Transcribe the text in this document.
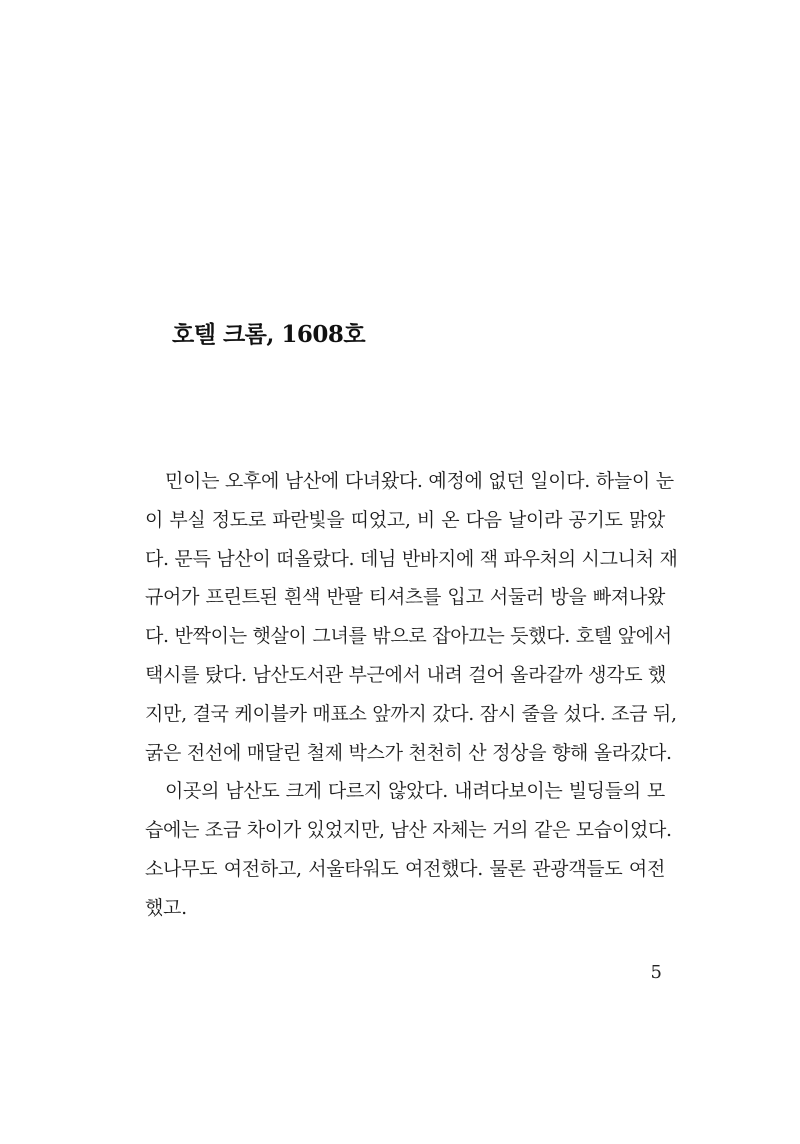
호텔 크롬, 1608호
민이는 오후에 남산에 다녀왔다. 예정에 없던 일이다. 하늘이 눈
이 부실 정도로 파란빛을 띠었고, 비 온 다음 날이라 공기도 맑았
다. 문득 남산이 떠올랐다. 데님 반바지에 잭 파우처의 시그니처 재
규어가 프린트된 흰색 반팔 티셔츠를 입고 서둘러 방을 빠져나왔
다. 반짝이는 햇살이 그녀를 밖으로 잡아끄는 듯했다. 호텔 앞에서
택시를 탔다. 남산도서관 부근에서 내려 걸어 올라갈까 생각도 했
지만, 결국 케이블카 매표소 앞까지 갔다. 잠시 줄을 섰다. 조금 뒤,
굵은 전선에 매달린 철제 박스가 천천히 산 정상을 향해 올라갔다.
이곳의 남산도 크게 다르지 않았다. 내려다보이는 빌딩들의 모
습에는 조금 차이가 있었지만, 남산 자체는 거의 같은 모습이었다.
소나무도 여전하고, 서울타워도 여전했다. 물론 관광객들도 여전
했고.
5
